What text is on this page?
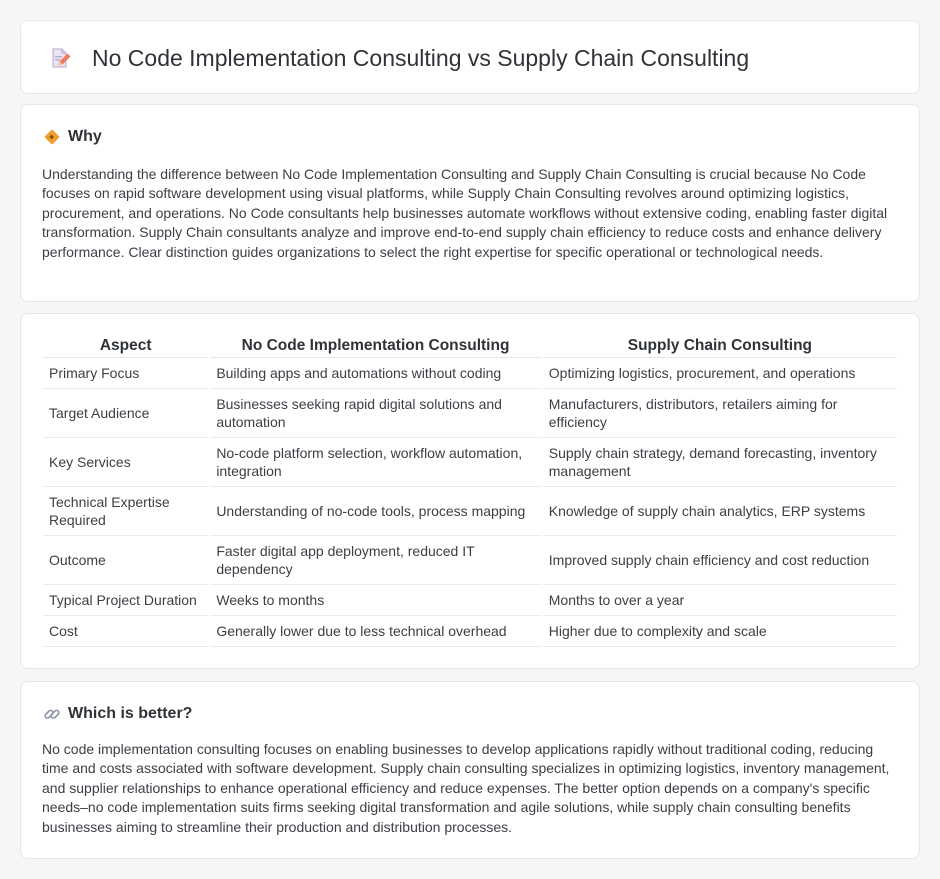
No Code Implementation Consulting vs Supply Chain Consulting
Why

Understanding the difference between No Code Implementation Consulting and Supply Chain Consulting is crucial because No Code focuses on rapid software development using visual platforms, while Supply Chain Consulting revolves around optimizing logistics, procurement, and operations. No Code consultants help businesses automate workflows without extensive coding, enabling faster digital transformation. Supply Chain consultants analyze and improve end-to-end supply chain efficiency to reduce costs and enhance delivery performance. Clear distinction guides organizations to select the right expertise for specific operational or technological needs.

Aspect	No Code Implementation Consulting	Supply Chain Consulting
Primary Focus	Building apps and automations without coding	Optimizing logistics, procurement, and operations
Target Audience	Businesses seeking rapid digital solutions and automation	Manufacturers, distributors, retailers aiming for efficiency
Key Services	No-code platform selection, workflow automation, integration	Supply chain strategy, demand forecasting, inventory management
Technical Expertise Required	Understanding of no-code tools, process mapping	Knowledge of supply chain analytics, ERP systems
Outcome	Faster digital app deployment, reduced IT dependency	Improved supply chain efficiency and cost reduction
Typical Project Duration	Weeks to months	Months to over a year
Cost	Generally lower due to less technical overhead	Higher due to complexity and scale
Which is better?

No code implementation consulting focuses on enabling businesses to develop applications rapidly without traditional coding, reducing time and costs associated with software development. Supply chain consulting specializes in optimizing logistics, inventory management, and supplier relationships to enhance operational efficiency and reduce expenses. The better option depends on a company's specific needs–no code implementation suits firms seeking digital transformation and agile solutions, while supply chain consulting benefits businesses aiming to streamline their production and distribution processes.
